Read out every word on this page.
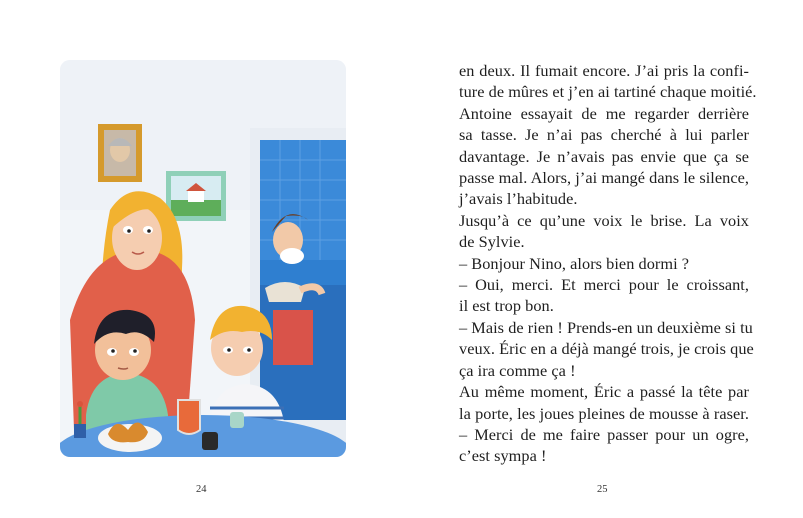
en deux. Il fumait encore. J’ai pris la confi-
ture de mûres et j’en ai tartiné chaque moitié.
Antoine essayait de me regarder derrière
sa tasse. Je n’ai pas cherché à lui parler
davantage. Je n’avais pas envie que ça se
passe mal. Alors, j’ai mangé dans le silence,
j’avais l’habitude.
Jusqu’à ce qu’une voix le brise. La voix
de Sylvie.
– Bonjour Nino, alors bien dormi ?
– Oui, merci. Et merci pour le croissant,
il est trop bon.
– Mais de rien ! Prends-en un deuxième si tu
veux. Éric en a déjà mangé trois, je crois que
ça ira comme ça !
Au même moment, Éric a passé la tête par
la porte, les joues pleines de mousse à raser.
– Merci de me faire passer pour un ogre,
c’est sympa !
24	25
